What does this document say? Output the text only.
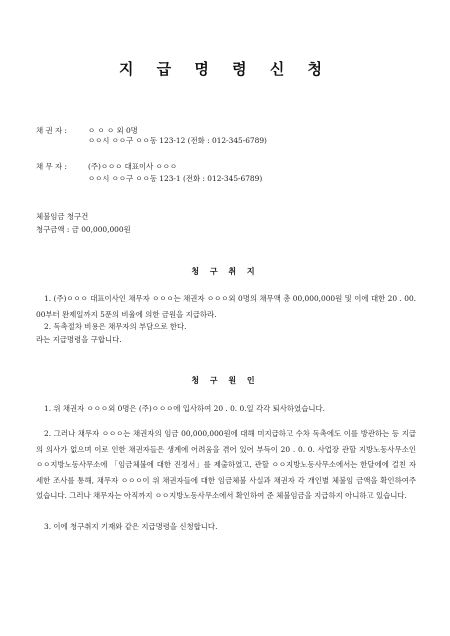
지 급 명 령 신 청
채 권 자 :	ㅇ ㅇ ㅇ 외 0명
ㅇㅇ시 ㅇㅇ구 ㅇㅇ동 123-12 (전화 : 012-345-6789)
채 무 자 :	(주)ㅇㅇㅇ 대표이사 ㅇㅇㅇ
ㅇㅇ시 ㅇㅇ구 ㅇㅇ동 123-1 (전화 : 012-345-6789)
체불임금 청구건
청구금액 : 금 00,000,000원
청 구 취 지
1. (주)ㅇㅇㅇ 대표이사인 채무자 ㅇㅇㅇ는 채권자 ㅇㅇㅇ외 0명의 채무액 총 00,000,000원 및 이에 대한 20 . 00. 00부터 완제일까지 5푼의 비율에 의한 금원을 지급하라.
2. 독촉절차 비용은 채무자의 부담으로 한다.
라는 지급명령을 구합니다.
청 구 원 인
1. 위 채권자 ㅇㅇㅇ외 0명은 (주)ㅇㅇㅇ에 입사하여 20 . 0. 0.일 각각 퇴사하였습니다.
2. 그러나 채무자 ㅇㅇㅇ는 채권자의 임금 00,000,000원에 대해 미지급하고 수차 독촉에도 이를 방관하는 등 지급의 의사가 없으며 이로 인한 채권자들은 생계에 어려움을 겪어 있어 부득이 20 . 0. 0. 사업장 관할 지방노동사무소인 ㅇㅇ지방노동사무소에 「임금체불에 대한 진정서」를 제출하였고, 관할 ㅇㅇ지방노동사무소에서는 한달에에 걸친 자세한 조사를 통해, 채무자 ㅇㅇㅇ이 위 채권자들에 대한 임금체불 사실과 채권자 각 개인별 체불임 금액을 확인하여주었습니다. 그러나 채무자는 아직까지 ㅇㅇ지방노동사무소에서 확인하여 준 체불임금을 지급하지 아니하고 있습니다.
3. 이에 청구취지 기재와 같은 지급명령을 신청합니다.
